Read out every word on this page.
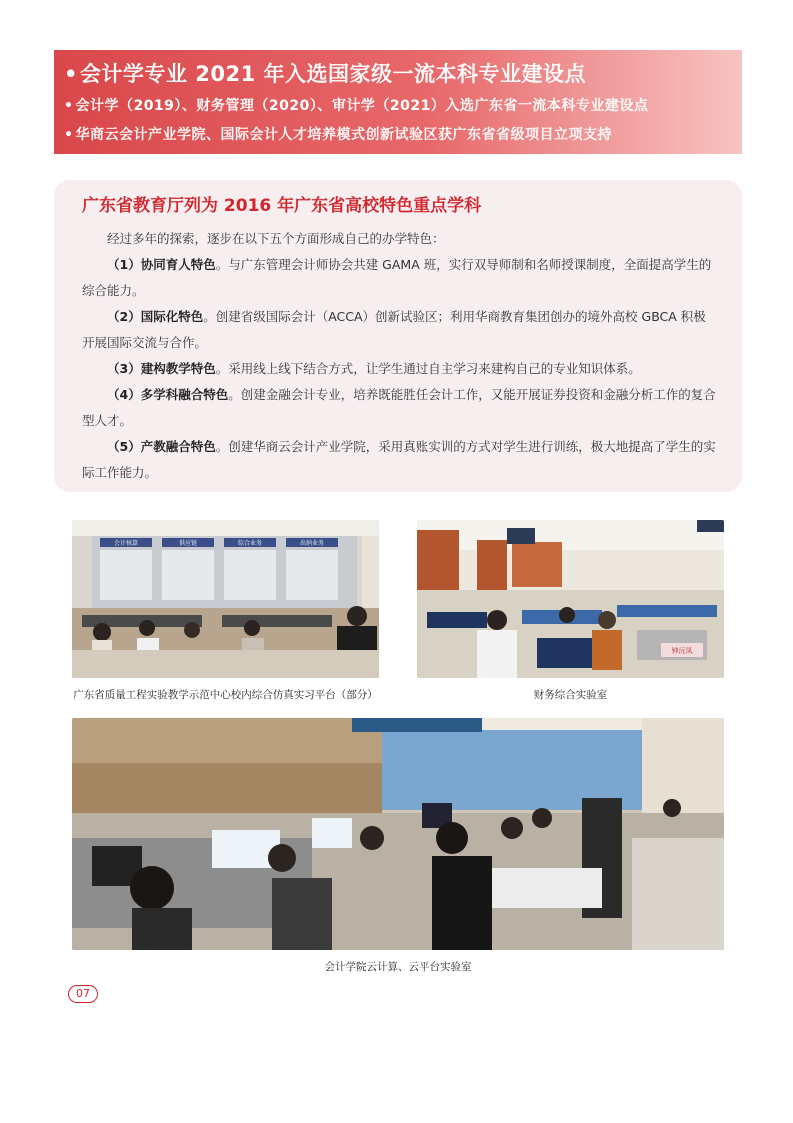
•会计学专业 2021 年入选国家级一流本科专业建设点
• 会计学（2019）、财务管理（2020）、审计学（2021）入选广东省一流本科专业建设点
• 华商云会计产业学院、国际会计人才培养模式创新试验区获广东省省级项目立项支持
广东省教育厅列为 2016 年广东省高校特色重点学科

经过多年的探索，逐步在以下五个方面形成自己的办学特色：

（1）协同育人特色。与广东管理会计师协会共建 GAMA 班，实行双导师制和名师授课制度，全面提高学生的综合能力。

（2）国际化特色。创建省级国际会计（ACCA）创新试验区；利用华商教育集团创办的境外高校 GBCA 积极开展国际交流与合作。

（3）建构教学特色。采用线上线下结合方式，让学生通过自主学习来建构自己的专业知识体系。

（4）多学科融合特色。创建金融会计专业，培养既能胜任会计工作，又能开展证券投资和金融分析工作的复合型人才。

（5）产教融合特色。创建华商云会计产业学院，采用真账实训的方式对学生进行训练，极大地提高了学生的实际工作能力。

会计核算	供应链	综合业务	出纳业务
广东省质量工程实验教学示范中心校内综合仿真实习平台（部分）
钟沅凤
财务综合实验室
会计学院云计算、云平台实验室
07
